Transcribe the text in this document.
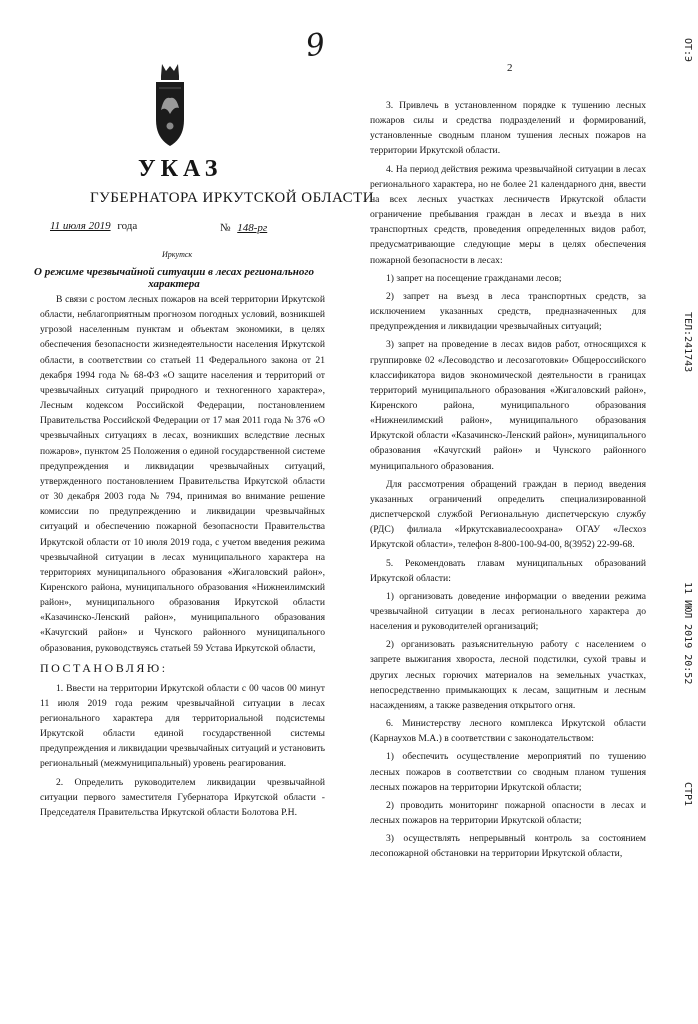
9
УКАЗ
ГУБЕРНАТОРА ИРКУТСКОЙ ОБЛАСТИ
11 июля 2019 года	№ 148-рг
Иркутск
О режиме чрезвычайной ситуации в лесах регионального характера

В связи с ростом лесных пожаров на всей территории Иркутской области, неблагоприятным прогнозом погодных условий, возникшей угрозой населенным пунктам и объектам экономики, в целях обеспечения безопасности жизнедеятельности населения Иркутской области, в соответствии со статьей 11 Федерального закона от 21 декабря 1994 года № 68-ФЗ «О защите населения и территорий от чрезвычайных ситуаций природного и техногенного характера», Лесным кодексом Российской Федерации, постановлением Правительства Российской Федерации от 17 мая 2011 года № 376 «О чрезвычайных ситуациях в лесах, возникших вследствие лесных пожаров», пунктом 25 Положения о единой государственной системе предупреждения и ликвидации чрезвычайных ситуаций, утвержденного постановлением Правительства Иркутской области от 30 декабря 2003 года № 794, принимая во внимание решение комиссии по предупреждению и ликвидации чрезвычайных ситуаций и обеспечению пожарной безопасности Правительства Иркутской области от 10 июля 2019 года, с учетом введения режима чрезвычайной ситуации в лесах муниципального характера на территориях муниципального образования «Жигаловский район», Киренского района, муниципального образования «Нижнеилимский район», муниципального образования Иркутской области «Казачинско-Ленский район», муниципального образования «Качугский район» и Чунского районного муниципального образования, руководствуясь статьей 59 Устава Иркутской области,

ПОСТАНОВЛЯЮ:

1. Ввести на территории Иркутской области с 00 часов 00 минут 11 июля 2019 года режим чрезвычайной ситуации в лесах регионального характера для территориальной подсистемы Иркутской области единой государственной системы предупреждения и ликвидации чрезвычайных ситуаций и установить региональный (межмуниципальный) уровень реагирования.

2. Определить руководителем ликвидации чрезвычайной ситуации первого заместителя Губернатора Иркутской области - Председателя Правительства Иркутской области Болотова Р.Н.

2

3. Привлечь в установленном порядке к тушению лесных пожаров силы и средства подразделений и формирований, установленные сводным планом тушения лесных пожаров на территории Иркутской области.

4. На период действия режима чрезвычайной ситуации в лесах регионального характера, но не более 21 календарного дня, ввести на всех лесных участках лесничеств Иркутской области ограничение пребывания граждан в лесах и въезда в них транспортных средств, проведения определенных видов работ, предусматривающие следующие меры в целях обеспечения пожарной безопасности в лесах:

1) запрет на посещение гражданами лесов;

2) запрет на въезд в леса транспортных средств, за исключением указанных средств, предназначенных для предупреждения и ликвидации чрезвычайных ситуаций;

3) запрет на проведение в лесах видов работ, относящихся к группировке 02 «Лесоводство и лесозаготовки» Общероссийского классификатора видов экономической деятельности в границах территорий муниципального образования «Жигаловский район», Киренского района, муниципального образования «Нижнеилимский район», муниципального образования Иркутской области «Казачинско-Ленский район», муниципального образования «Качугский район» и Чунского районного муниципального образования.

Для рассмотрения обращений граждан в период введения указанных ограничений определить специализированной диспетчерской службой Региональную диспетчерскую службу (РДС) филиала «Иркутскавиалесоохрана» ОГАУ «Лесхоз Иркутской области», телефон 8-800-100-94-00, 8(3952) 22-99-68.

5. Рекомендовать главам муниципальных образований Иркутской области:

1) организовать доведение информации о введении режима чрезвычайной ситуации в лесах регионального характера до населения и руководителей организаций;

2) организовать разъяснительную работу с населением о запрете выжигания хвороста, лесной подстилки, сухой травы и других лесных горючих материалов на земельных участках, непосредственно примыкающих к лесам, защитным и лесным насаждениям, а также разведения открытого огня.

6. Министерству лесного комплекса Иркутской области (Карнаухов М.А.) в соответствии с законодательством:

1) обеспечить осуществление мероприятий по тушению лесных пожаров в соответствии со сводным планом тушения лесных пожаров на территории Иркутской области;

2) проводить мониторинг пожарной опасности в лесах и лесных пожаров на территории Иркутской области;

3) осуществлять непрерывный контроль за состоянием лесопожарной обстановки на территории Иркутской области,

ОТ:Э
ТЕЛ:241743
11 ИЮЛ 2019 20:52
СТР1
